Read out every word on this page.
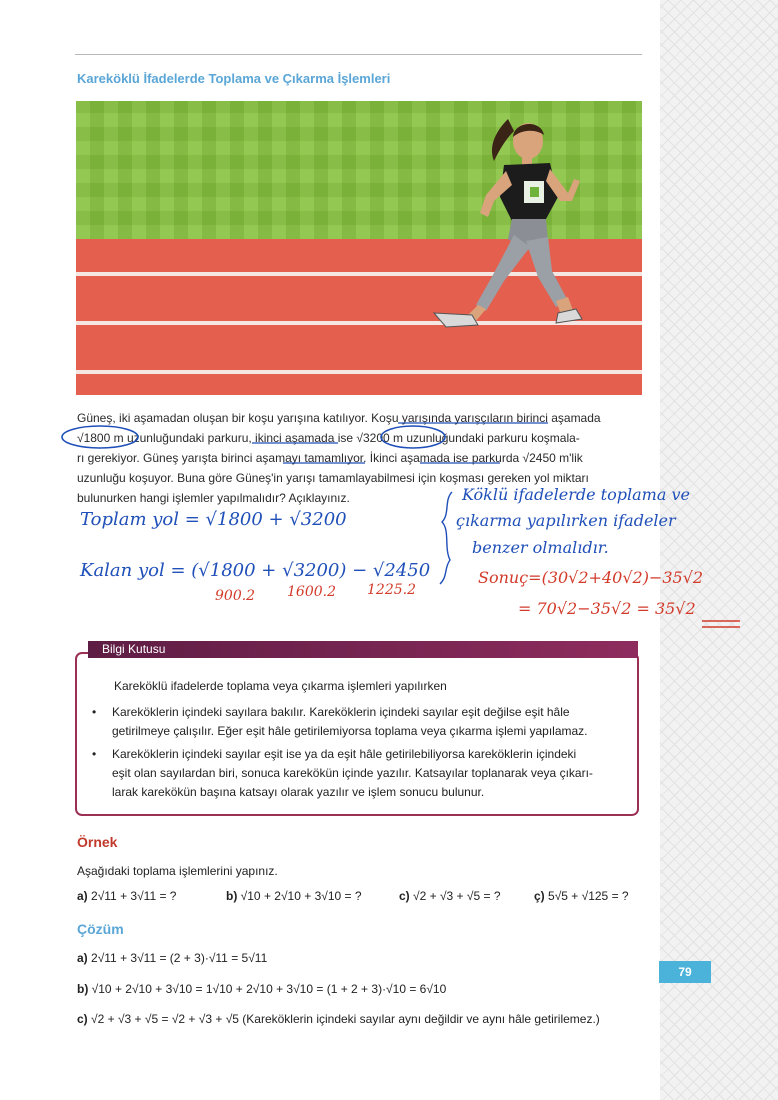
Kareköklü İfadelerde Toplama ve Çıkarma İşlemleri

Güneş, iki aşamadan oluşan bir koşu yarışına katılıyor. Koşu yarışında yarışçıların birinci aşamada

√1800 m uzunluğundaki parkuru, ikinci aşamada ise √3200 m uzunluğundaki parkuru koşmala-

rı gerekiyor. Güneş yarışta birinci aşamayı tamamlıyor. İkinci aşamada ise parkurda √2450 m'lik

uzunluğu koşuyor. Buna göre Güneş'in yarışı tamamlayabilmesi için koşması gereken yol miktarı

bulunurken hangi işlemler yapılmalıdır? Açıklayınız.

Toplam yol = √1800 + √3200
Kalan yol = (√1800 + √3200) − √2450
900.2 1600.2 1225.2
Köklü ifadelerde toplama ve
çıkarma yapılırken ifadeler
benzer olmalıdır.
Sonuç=(30√2+40√2)−35√2
= 70√2−35√2 = 35√2
Bilgi Kutusu
Kareköklü ifadelerde toplama veya çıkarma işlemleri yapılırken
• Kareköklerin içindeki sayılara bakılır. Kareköklerin içindeki sayılar eşit değilse eşit hâle
getirilmeye çalışılır. Eğer eşit hâle getirilemiyorsa toplama veya çıkarma işlemi yapılamaz.
• Kareköklerin içindeki sayılar eşit ise ya da eşit hâle getirilebiliyorsa kareköklerin içindeki
eşit olan sayılardan biri, sonuca karekökün içinde yazılır. Katsayılar toplanarak veya çıkarı-
larak karekökün başına katsayı olarak yazılır ve işlem sonucu bulunur.
Örnek
Aşağıdaki toplama işlemlerini yapınız.
a) 2√11 + 3√11 = ?	b) √10 + 2√10 + 3√10 = ?	c) √2 + √3 + √5 = ?	ç) 5√5 + √125 = ?
Çözüm
a) 2√11 + 3√11 = (2 + 3)·√11 = 5√11
b) √10 + 2√10 + 3√10 = 1√10 + 2√10 + 3√10 = (1 + 2 + 3)·√10 = 6√10
c) √2 + √3 + √5 = √2 + √3 + √5 (Kareköklerin içindeki sayılar aynı değildir ve aynı hâle getirilemez.)
79
